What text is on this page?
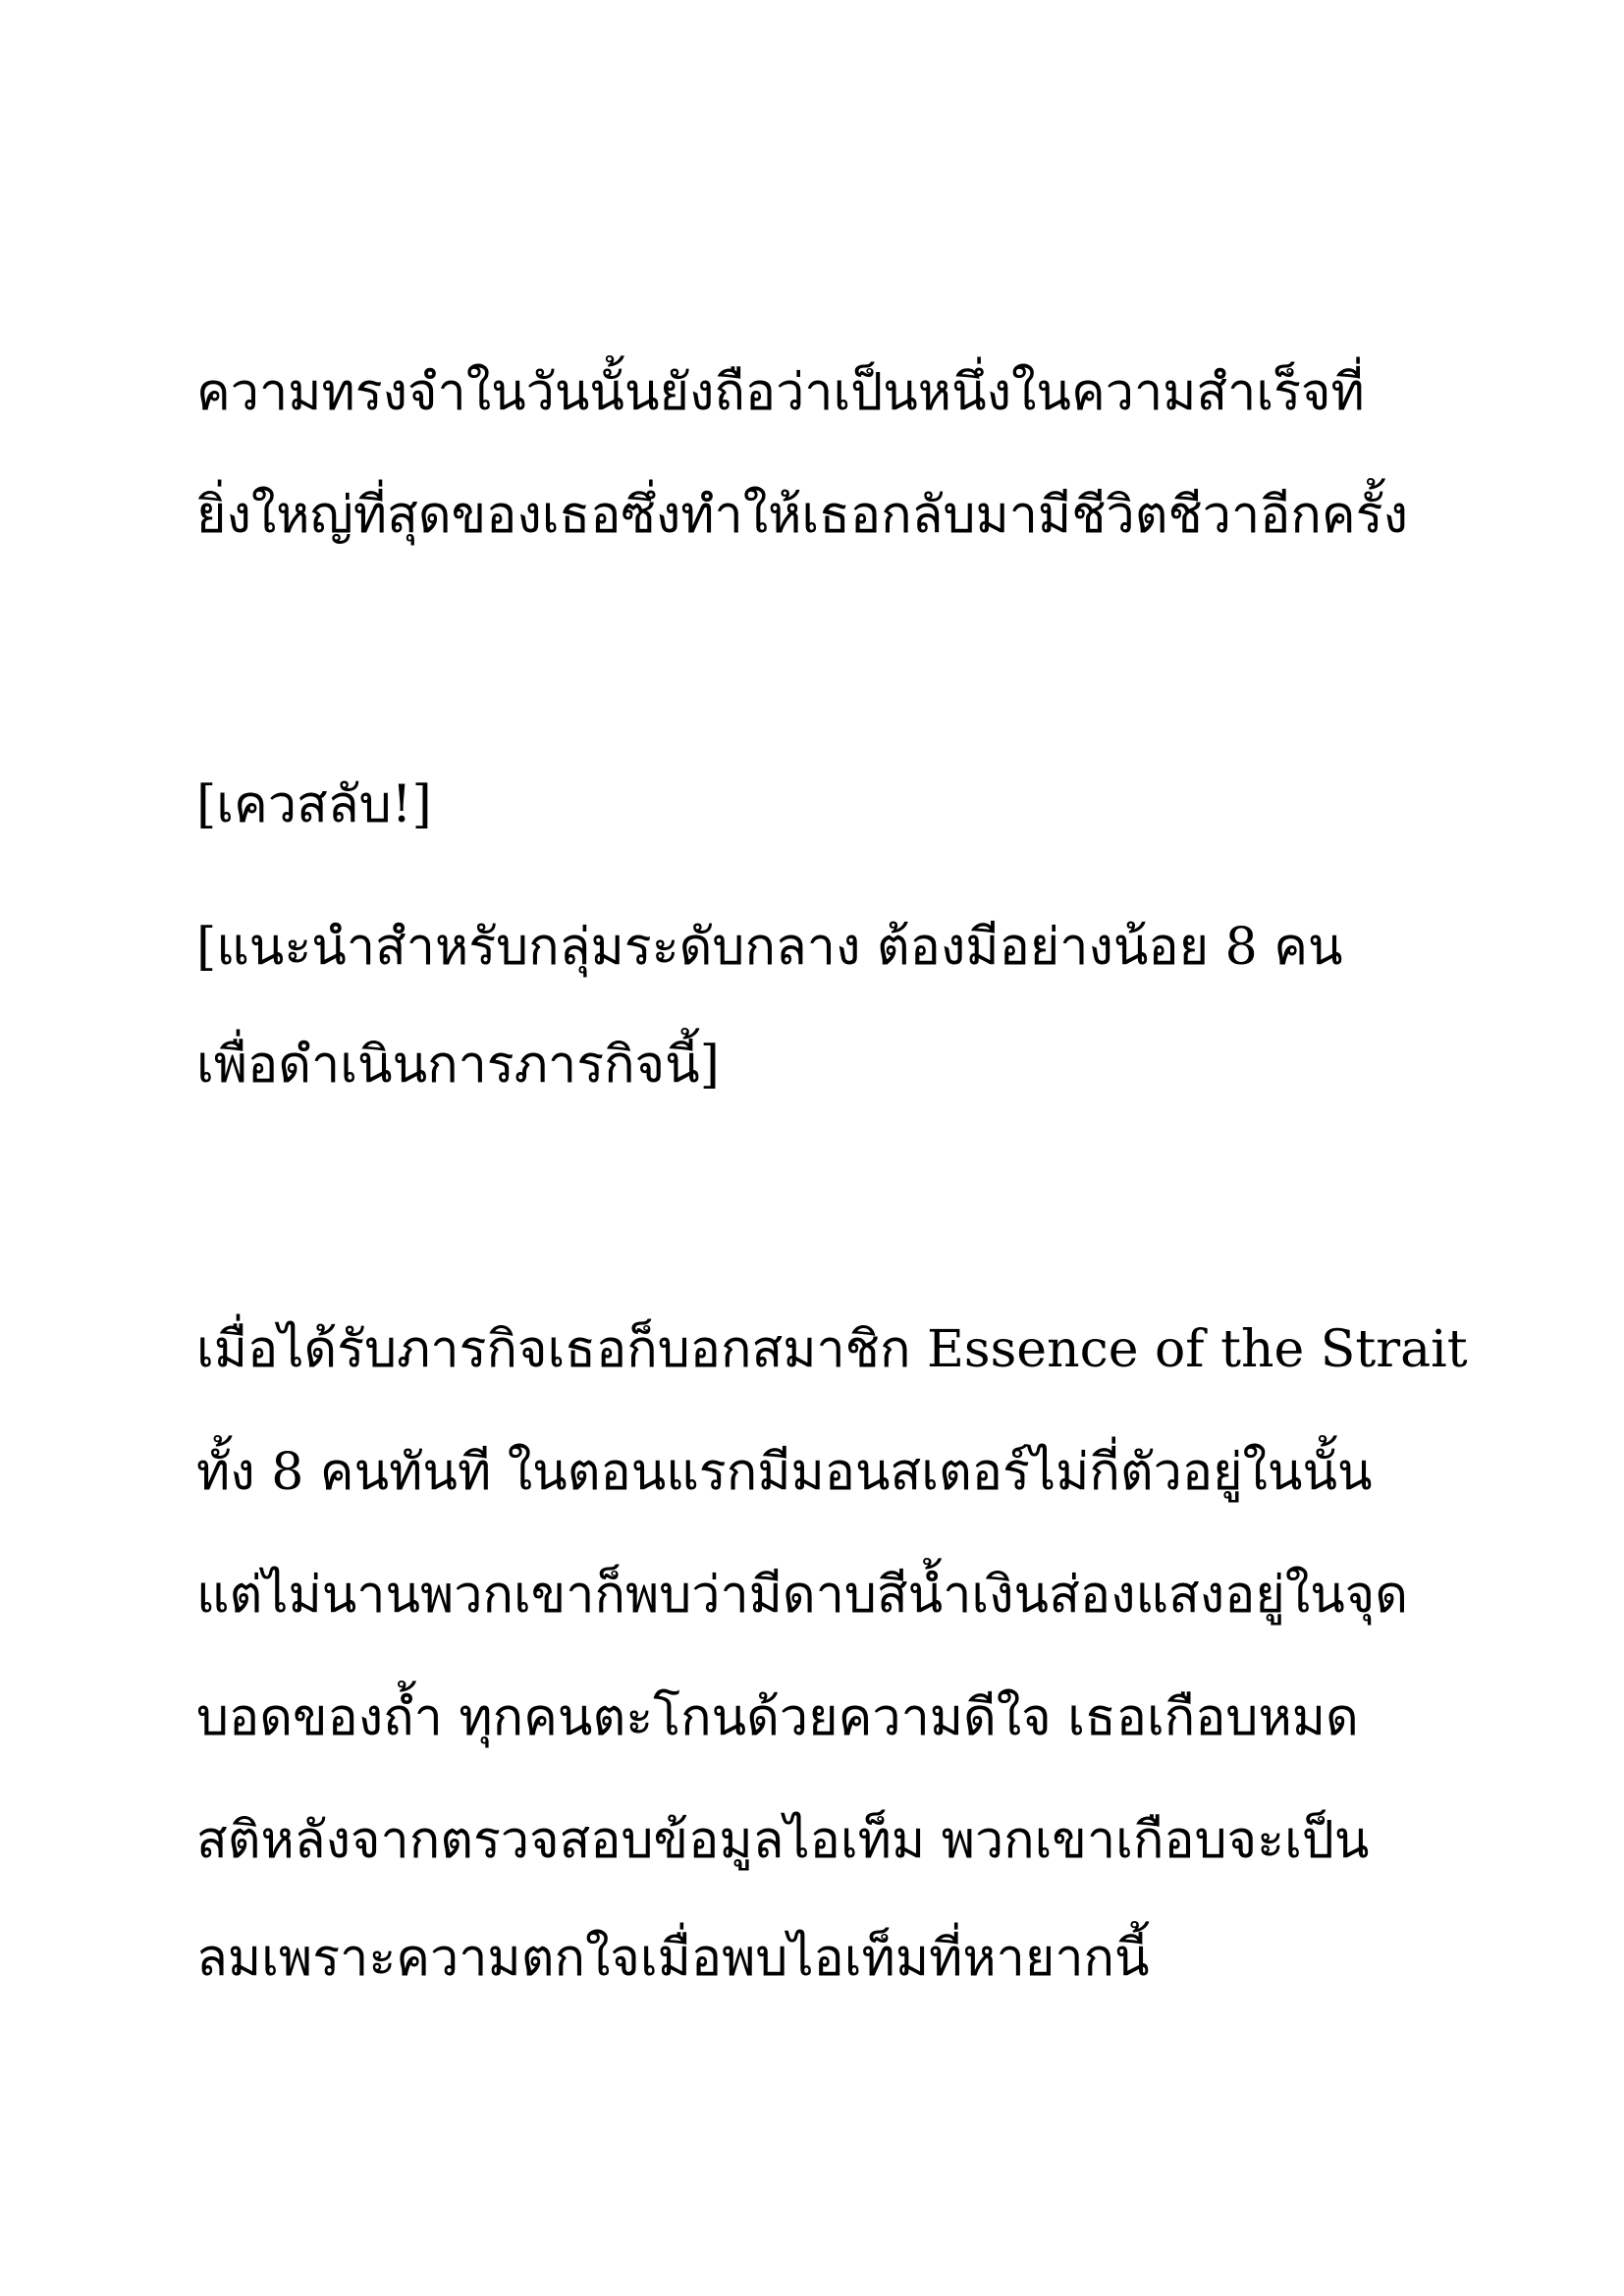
ความทรงจำในวันนั้นยังถือว่าเป็นหนึ่งในความสำเร็จที่
ยิ่งใหญ่ที่สุดของเธอซึ่งทำให้เธอกลับมามีชีวิตชีวาอีกครั้ง
[เควสลับ!]
[แนะนำสำหรับกลุ่มระดับกลาง ต้องมีอย่างน้อย 8 คน
เพื่อดำเนินการภารกิจนี้]
เมื่อได้รับภารกิจเธอก็บอกสมาชิก Essence of the Strait
ทั้ง 8 คนทันที ในตอนแรกมีมอนสเตอร์ไม่กี่ตัวอยู่ในนั้น
แต่ไม่นานพวกเขาก็พบว่ามีดาบสีน้ำเงินส่องแสงอยู่ในจุด
บอดของถ้ำ ทุกคนตะโกนด้วยความดีใจ เธอเกือบหมด
สติหลังจากตรวจสอบข้อมูลไอเท็ม พวกเขาเกือบจะเป็น
ลมเพราะความตกใจเมื่อพบไอเท็มที่หายากนี้
